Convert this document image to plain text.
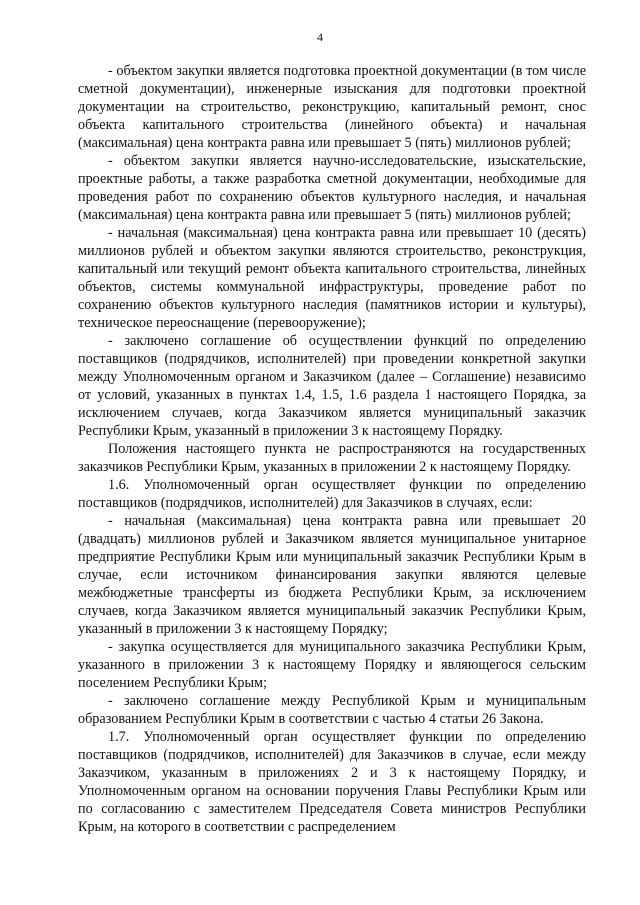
4

- объектом закупки является подготовка проектной документации (в том числе сметной документации), инженерные изыскания для подготовки проектной документации на строительство, реконструкцию, капитальный ремонт, снос объекта капитального строительства (линейного объекта) и начальная (максимальная) цена контракта равна или превышает 5 (пять) миллионов рублей;

- объектом закупки является научно-исследовательские, изыскательские, проектные работы, а также разработка сметной документации, необходимые для проведения работ по сохранению объектов культурного наследия, и начальная (максимальная) цена контракта равна или превышает 5 (пять) миллионов рублей;

- начальная (максимальная) цена контракта равна или превышает 10 (десять) миллионов рублей и объектом закупки являются строительство, реконструкция, капитальный или текущий ремонт объекта капитального строительства, линейных объектов, системы коммунальной инфраструктуры, проведение работ по сохранению объектов культурного наследия (памятников истории и культуры), техническое переоснащение (перевооружение);

- заключено соглашение об осуществлении функций по определению поставщиков (подрядчиков, исполнителей) при проведении конкретной закупки между Уполномоченным органом и Заказчиком (далее – Соглашение) независимо от условий, указанных в пунктах 1.4, 1.5, 1.6 раздела 1 настоящего Порядка, за исключением случаев, когда Заказчиком является муниципальный заказчик Республики Крым, указанный в приложении 3 к настоящему Порядку.

Положения настоящего пункта не распространяются на государственных заказчиков Республики Крым, указанных в приложении 2 к настоящему Порядку.

1.6. Уполномоченный орган осуществляет функции по определению поставщиков (подрядчиков, исполнителей) для Заказчиков в случаях, если:

- начальная (максимальная) цена контракта равна или превышает 20 (двадцать) миллионов рублей и Заказчиком является муниципальное унитарное предприятие Республики Крым или муниципальный заказчик Республики Крым в случае, если источником финансирования закупки являются целевые межбюджетные трансферты из бюджета Республики Крым, за исключением случаев, когда Заказчиком является муниципальный заказчик Республики Крым, указанный в приложении 3 к настоящему Порядку;

- закупка осуществляется для муниципального заказчика Республики Крым, указанного в приложении 3 к настоящему Порядку и являющегося сельским поселением Республики Крым;

- заключено соглашение между Республикой Крым и муниципальным образованием Республики Крым в соответствии с частью 4 статьи 26 Закона.

1.7. Уполномоченный орган осуществляет функции по определению поставщиков (подрядчиков, исполнителей) для Заказчиков в случае, если между Заказчиком, указанным в приложениях 2 и 3 к настоящему Порядку, и Уполномоченным органом на основании поручения Главы Республики Крым или по согласованию с заместителем Председателя Совета министров Республики Крым, на которого в соответствии с распределением
